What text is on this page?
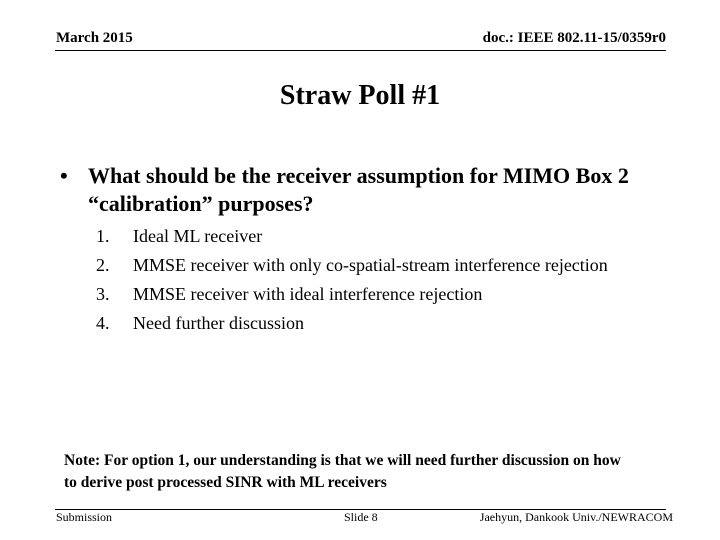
March 2015	doc.: IEEE 802.11-15/0359r0
Straw Poll #1
• What should be the receiver assumption for MIMO Box 2 “calibration” purposes?
1. Ideal ML receiver
2. MMSE receiver with only co-spatial-stream interference rejection
3. MMSE receiver with ideal interference rejection
4. Need further discussion
Note: For option 1, our understanding is that we will need further discussion on how to derive post processed SINR with ML receivers
Submission	Slide 8	Jaehyun, Dankook Univ./NEWRACOM
